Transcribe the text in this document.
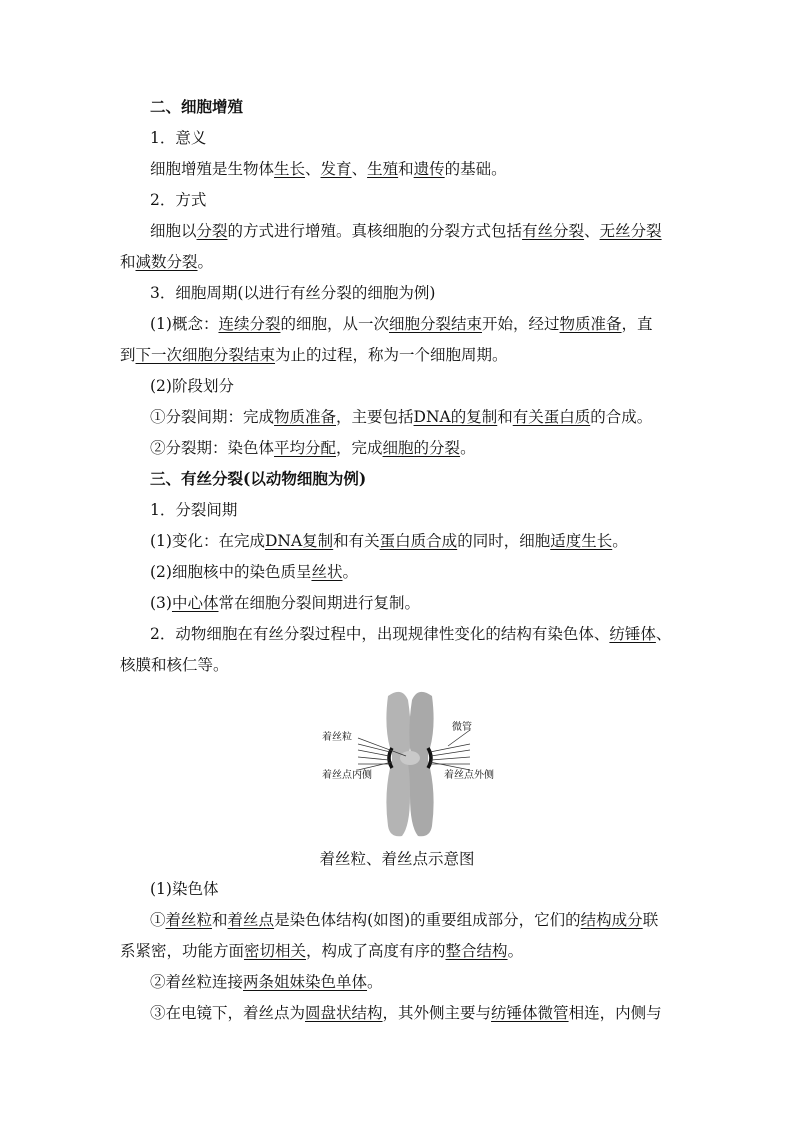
二、细胞增殖
1．意义
细胞增殖是生物体生长、发育、生殖和遗传的基础。
2．方式
细胞以分裂的方式进行增殖。真核细胞的分裂方式包括有丝分裂、无丝分裂
和减数分裂。
3．细胞周期(以进行有丝分裂的细胞为例)
(1)概念：连续分裂的细胞，从一次细胞分裂结束开始，经过物质准备，直
到下一次细胞分裂结束为止的过程，称为一个细胞周期。
(2)阶段划分
①分裂间期：完成物质准备，主要包括DNA的复制和有关蛋白质的合成。
②分裂期：染色体平均分配，完成细胞的分裂。
三、有丝分裂(以动物细胞为例)
1．分裂间期
(1)变化：在完成DNA复制和有关蛋白质合成的同时，细胞适度生长。
(2)细胞核中的染色质呈丝状。
(3)中心体常在细胞分裂间期进行复制。
2．动物细胞在有丝分裂过程中，出现规律性变化的结构有染色体、纺锤体、
核膜和核仁等。
着丝粒
微管
着丝点内侧	着丝点外侧
着丝粒、着丝点示意图
(1)染色体
①着丝粒和着丝点是染色体结构(如图)的重要组成部分，它们的结构成分联
系紧密，功能方面密切相关，构成了高度有序的整合结构。
②着丝粒连接两条姐妹染色单体。
③在电镜下，着丝点为圆盘状结构，其外侧主要与纺锤体微管相连，内侧与
